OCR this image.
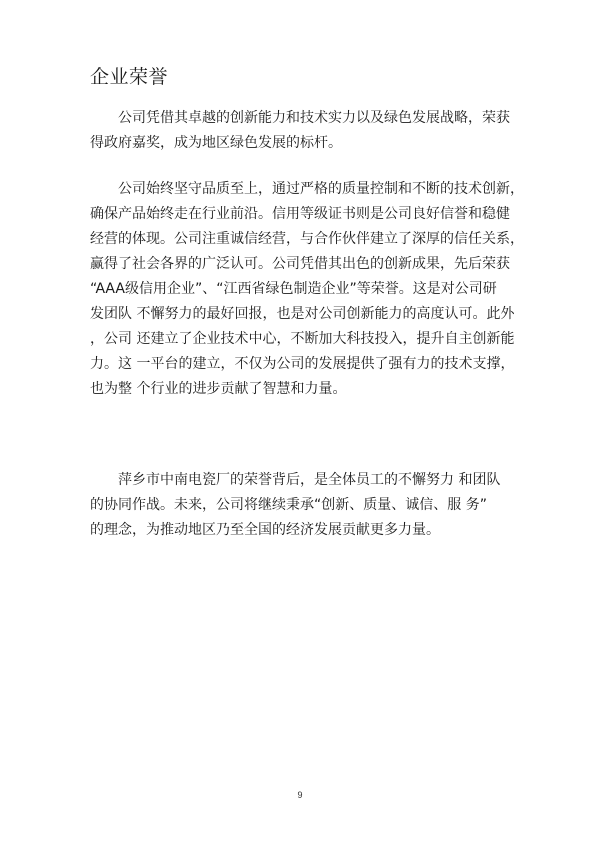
企业荣誉

　　公司凭借其卓越的创新能力和技术实力以及绿色发展战略，荣获
得政府嘉奖，成为地区绿色发展的标杆。

　　公司始终坚守品质至上，通过严格的质量控制和不断的技术创新，
确保产品始终走在行业前沿。信用等级证书则是公司良好信誉和稳健
经营的体现。公司注重诚信经营，与合作伙伴建立了深厚的信任关系，
赢得了社会各界的广泛认可。公司凭借其出色的创新成果，先后荣获
“AAA级信用企业”、“江西省绿色制造企业”等荣誉。这是对公司研
发团队 不懈努力的最好回报，也是对公司创新能力的高度认可。此外
，公司 还建立了企业技术中心，不断加大科技投入，提升自主创新能
力。这 一平台的建立，不仅为公司的发展提供了强有力的技术支撑，
也为整 个行业的进步贡献了智慧和力量。

　　萍乡市中南电瓷厂的荣誉背后，是全体员工的不懈努力 和团队
的协同作战。未来，公司将继续秉承“创新、质量、诚信、服 务”
的理念，为推动地区乃至全国的经济发展贡献更多力量。

9
